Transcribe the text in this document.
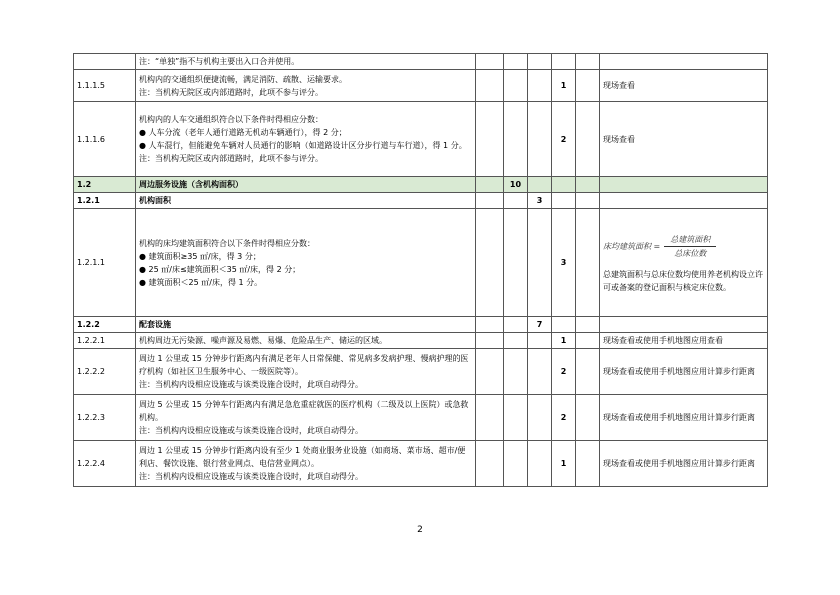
	注：“单独”指不与机构主要出入口合并使用。						

1.1.1.5	机构内的交通组织便捷流畅，满足消防、疏散、运输要求。
注：当机构无院区或内部道路时，此项不参与评分。				1		现场查看
1.1.1.6	机构内的人车交通组织符合以下条件时得相应分数：
● 人车分流（老年人通行道路无机动车辆通行），得 2 分；
● 人车混行，但能避免车辆对人员通行的影响（如道路设计区分步行道与车行道），得 1 分。
注：当机构无院区或内部道路时，此项不参与评分。				2		现场查看
1.2	周边服务设施（含机构面积）		10				
1.2.1	机构面积			3			
1.2.1.1	机构的床均建筑面积符合以下条件时得相应分数：
● 建筑面积≥35 ㎡/床，得 3 分；
● 25 ㎡/床≤建筑面积＜35 ㎡/床，得 2 分；
● 建筑面积＜25 ㎡/床，得 1 分。				3		床均建筑面积 = $\frac{\text{总建筑面积}}{\text{总床位数}}$
总建筑面积与总床位数均使用养老机构设立许可或备案的登记面积与核定床位数。
1.2.2	配套设施			7			
1.2.2.1	机构周边无污染源、噪声源及易燃、易爆、危险品生产、储运的区域。				1		现场查看或使用手机地图应用查看
1.2.2.2	周边 1 公里或 15 分钟步行距离内有满足老年人日常保健、常见病多发病护理、慢病护理的医疗机构（如社区卫生服务中心、一级医院等）。
注：当机构内设相应设施或与该类设施合设时，此项自动得分。				2		现场查看或使用手机地图应用计算步行距离
1.2.2.3	周边 5 公里或 15 分钟车行距离内有满足急危重症就医的医疗机构（二级及以上医院）或急救机构。
注：当机构内设相应设施或与该类设施合设时，此项自动得分。				2		现场查看或使用手机地图应用计算步行距离
1.2.2.4	周边 1 公里或 15 分钟步行距离内设有至少 1 处商业服务业设施（如商场、菜市场、超市/便利店、餐饮设施、银行营业网点、电信营业网点）。
注：当机构内设相应设施或与该类设施合设时，此项自动得分。				1		现场查看或使用手机地图应用计算步行距离
2
